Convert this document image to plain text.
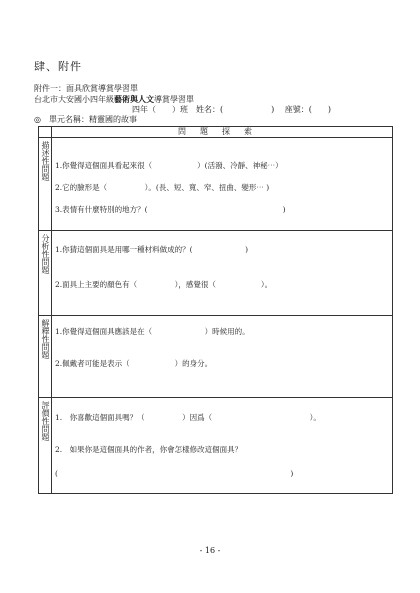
肆、附件
附件一：面具欣賞導賞學習單
台北市大安國小四年級藝術與人文導賞學習單
四年（　　）班　姓名：(　　　　　　)　 座號：(　　)
◎　單元名稱：精靈國的故事
	問題探索
描述性問題	1.你覺得這個面具看起來很（　　　　　　）(活潑、冷靜、神秘⋯）
2.它的臉形是（　　　　　）。(長、短、寬、窄、扭曲、變形⋯ )
3.表情有什麼特別的地方？(　　　　　　　　　　　　　　　　　　)

分析性問題	1.你猜這個面具是用哪一種材料做成的？(　　　　　　　)
2.面具上主要的顏色有（　　　　　），感覺很（　　　　　　）。

解釋性問題	1.你覺得這個面具應該是在（　　　　　　　）時候用的。
2.佩戴者可能是表示（　　　　　　）的身分。

評價性問題	1.　你喜歡這個面具嗎？（　　　　　）因爲（　　　　　　　　　　　　　）。
2.　如果你是這個面具的作者，你會怎樣修改這個面具？
(　　　　　　　　　　　　　　　　　　　　　　　　　　　　　　　)
- 16 -
